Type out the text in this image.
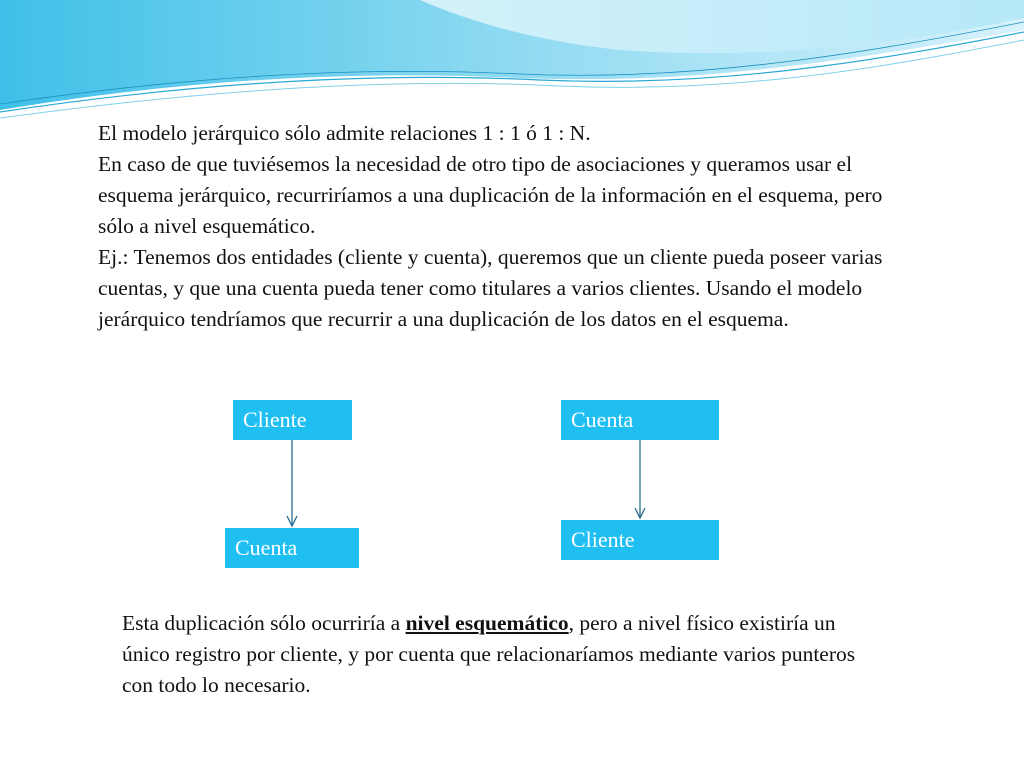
El modelo jerárquico sólo admite relaciones 1 : 1 ó 1 : N.

En caso de que tuviésemos la necesidad de otro tipo de asociaciones y queramos usar el esquema jerárquico, recurriríamos a una duplicación de la información en el esquema, pero sólo a nivel esquemático.

Ej.: Tenemos dos entidades (cliente y cuenta), queremos que un cliente pueda poseer varias cuentas, y que una cuenta pueda tener como titulares a varios clientes. Usando el modelo jerárquico tendríamos que recurrir a una duplicación de los datos en el esquema.

Cliente
Cuenta
Cuenta
Cliente

Esta duplicación sólo ocurriría a nivel esquemático, pero a nivel físico existiría un único registro por cliente, y por cuenta que relacionaríamos mediante varios punteros con todo lo necesario.
